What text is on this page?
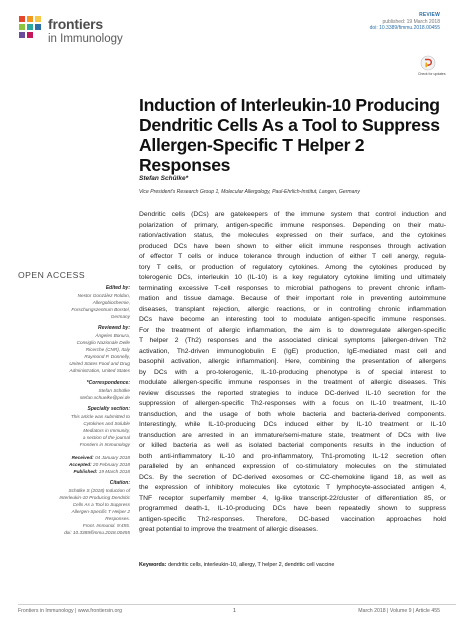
frontiers
in Immunology
REVIEW
published: 19 March 2018
doi: 10.3389/fimmu.2018.00455
Check for updates
Induction of Interleukin-10 Producing Dendritic Cells As a Tool to Suppress Allergen-Specific T Helper 2 Responses
Stefan Schülke*
Vice President's Research Group 1, Molecular Allergology, Paul-Ehrlich-Institut, Langen, Germany
Dendritic cells (DCs) are gatekeepers of the immune system that control induction and
polarization of primary, antigen-specific immune responses. Depending on their matu-
ration/activation status, the molecules expressed on their surface, and the cytokines
produced DCs have been shown to either elicit immune responses through activation
of effector T cells or induce tolerance through induction of either T cell anergy, regula-
tory T cells, or production of regulatory cytokines. Among the cytokines produced by
tolerogenic DCs, interleukin 10 (IL-10) is a key regulatory cytokine limiting und ultimately
terminating excessive T-cell responses to microbial pathogens to prevent chronic inflam-
mation and tissue damage. Because of their important role in preventing autoimmune
diseases, transplant rejection, allergic reactions, or in controlling chronic inflammation
DCs have become an interesting tool to modulate antigen-specific immune responses.
For the treatment of allergic inflammation, the aim is to downregulate allergen-specific
T helper 2 (Th2) responses and the associated clinical symptoms [allergen-driven Th2
activation, Th2-driven immunoglobulin E (IgE) production, IgE-mediated mast cell and
basophil activation, allergic inflammation]. Here, combining the presentation of allergens
by DCs with a pro-tolerogenic, IL-10-producing phenotype is of special interest to
modulate allergen-specific immune responses in the treatment of allergic diseases. This
review discusses the reported strategies to induce DC-derived IL-10 secretion for the
suppression of allergen-specific Th2-responses with a focus on IL-10 treatment, IL-10
transduction, and the usage of both whole bacteria and bacteria-derived components.
Interestingly, while IL-10-producing DCs induced either by IL-10 treatment or IL-10
transduction are arrested in an immature/semi-mature state, treatment of DCs with live
or killed bacteria as well as isolated bacterial components results in the induction of
both anti-inflammatory IL-10 and pro-inflammatory, Th1-promoting IL-12 secretion often
paralleled by an enhanced expression of co-stimulatory molecules on the stimulated
DCs. By the secretion of DC-derived exosomes or CC-chemokine ligand 18, as well as
the expression of inhibitory molecules like cytotoxic T lymphocyte-associated antigen 4,
TNF receptor superfamily member 4, Ig-like transcript-22/cluster of differentiation 85, or
programmed death-1, IL-10-producing DCs have been repeatedly shown to suppress
antigen-specific Th2-responses. Therefore, DC-based vaccination approaches hold
great potential to improve the treatment of allergic diseases.
Keywords: dendritic cells, interleukin-10, allergy, T helper 2, dendritic cell vaccine
OPEN ACCESS
Edited by:
Nestor González Roldan,
Allergobiochemie,
Forschungszentrum Borstel,
Germany
Reviewed by:
Ángeles Bonura,
Consiglio Nazionale Delle
Ricerche (CNR), Italy
Raymond P. Donnelly,
United States Food and Drug
Administration, United States
*Correspondence:
Stefan Schülke
stefan.schuelke@pei.de
Specialty section:
This article was submitted to
Cytokines and Soluble
Mediators in Immunity,
a section of the journal
Frontiers in Immunology
Received: 04 January 2018
Accepted: 20 February 2018
Published: 19 March 2018
Citation:
Schülke S (2018) Induction of
Interleukin-10 Producing Dendritic
Cells As a Tool to Suppress
Allergen-Specific T Helper 2
Responses.
Front. Immunol. 9:455.
doi: 10.3389/fimmu.2018.00455
Frontiers in Immunology | www.frontiersin.org	1	March 2018 | Volume 9 | Article 455
